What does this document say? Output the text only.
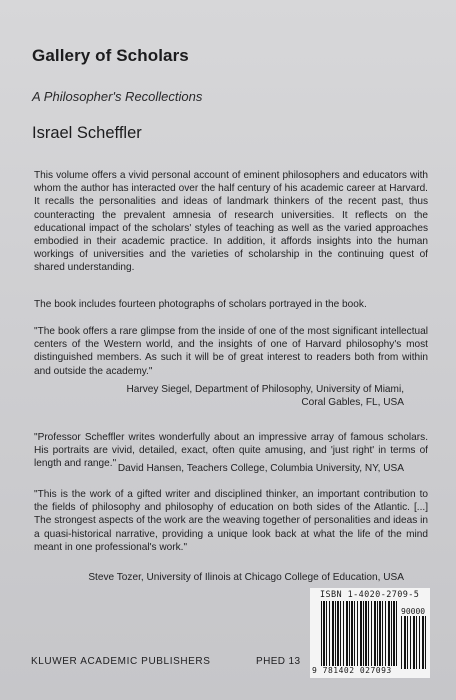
Gallery of Scholars
A Philosopher's Recollections
Israel Scheffler
This volume offers a vivid personal account of eminent philosophers and educators with whom the author has interacted over the half century of his academic career at Harvard. It recalls the personalities and ideas of landmark thinkers of the recent past, thus counteracting the prevalent amnesia of research universities. It reflects on the educational impact of the scholars' styles of teaching as well as the varied approaches embodied in their academic practice. In addition, it affords insights into the human workings of universities and the varieties of scholarship in the continuing quest of shared understanding.
The book includes fourteen photographs of scholars portrayed in the book.
"The book offers a rare glimpse from the inside of one of the most significant intellectual centers of the Western world, and the insights of one of Harvard philosophy's most distinguished members. As such it will be of great interest to readers both from within and outside the academy."
Harvey Siegel, Department of Philosophy, University of Miami,
Coral Gables, FL, USA
"Professor Scheffler writes wonderfully about an impressive array of famous scholars. His portraits are vivid, detailed, exact, often quite amusing, and 'just right' in terms of length and range." David Hansen, Teachers College, Columbia University, NY, USA
"This is the work of a gifted writer and disciplined thinker, an important contribution to the fields of philosophy and philosophy of education on both sides of the Atlantic. [...] The strongest aspects of the work are the weaving together of personalities and ideas in a quasi-historical narrative, providing a unique look back at what the life of the mind meant in one professional's work."
Steve Tozer, University of Ilinois at Chicago College of Education, USA
ISBN 1-4020-2709-5
90000
9 781402 027093
KLUWER ACADEMIC PUBLISHERS	PHED 13
